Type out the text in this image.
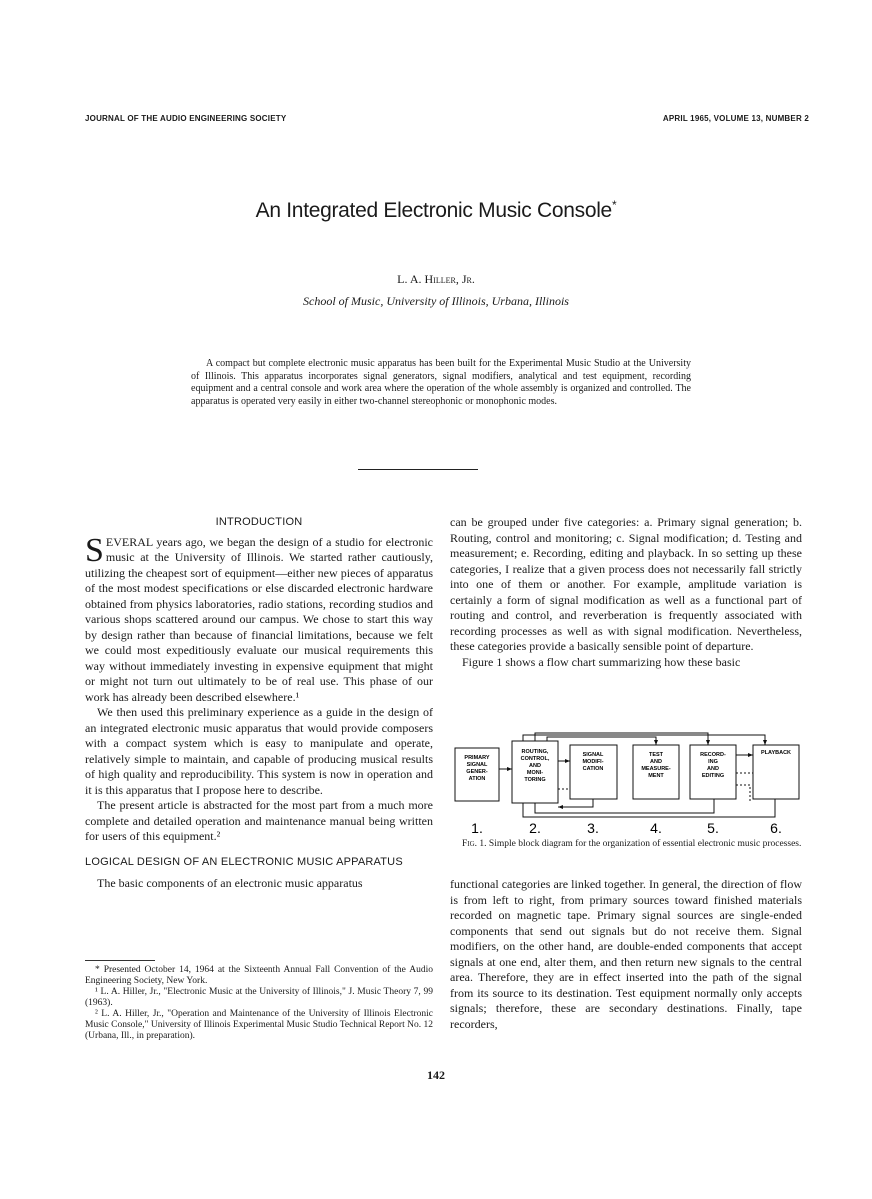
JOURNAL OF THE AUDIO ENGINEERING SOCIETY	APRIL 1965, VOLUME 13, NUMBER 2
An Integrated Electronic Music Console*
L. A. Hiller, Jr.
School of Music, University of Illinois, Urbana, Illinois
A compact but complete electronic music apparatus has been built for the Experimental Music Studio at the University of Illinois. This apparatus incorporates signal generators, signal modifiers, analytical and test equipment, recording equipment and a central console and work area where the operation of the whole assembly is organized and controlled. The apparatus is operated very easily in either two-channel stereophonic or monophonic modes.
INTRODUCTION

SEVERAL years ago, we began the design of a studio for electronic music at the University of Illinois. We started rather cautiously, utilizing the cheapest sort of equipment—either new pieces of apparatus of the most modest specifications or else discarded electronic hardware obtained from physics laboratories, radio stations, recording studios and various shops scattered around our campus. We chose to start this way by design rather than because of financial limitations, because we felt we could most expeditiously evaluate our musical requirements this way without immediately investing in expensive equipment that might or might not turn out ultimately to be of real use. This phase of our work has already been described elsewhere.¹

We then used this preliminary experience as a guide in the design of an integrated electronic music apparatus that would provide composers with a compact system which is easy to manipulate and operate, relatively simple to maintain, and capable of producing musical results of high quality and reproducibility. This system is now in operation and it is this apparatus that I propose here to describe.

The present article is abstracted for the most part from a much more complete and detailed operation and maintenance manual being written for users of this equipment.²

LOGICAL DESIGN OF AN ELECTRONIC MUSIC APPARATUS

The basic components of an electronic music apparatus

* Presented October 14, 1964 at the Sixteenth Annual Fall Convention of the Audio Engineering Society, New York.

¹ L. A. Hiller, Jr., "Electronic Music at the University of Illinois," J. Music Theory 7, 99 (1963).

² L. A. Hiller, Jr., "Operation and Maintenance of the University of Illinois Electronic Music Console," University of Illinois Experimental Music Studio Technical Report No. 12 (Urbana, Ill., in preparation).

can be grouped under five categories: a. Primary signal generation; b. Routing, control and monitoring; c. Signal modification; d. Testing and measurement; e. Recording, editing and playback. In so setting up these categories, I realize that a given process does not necessarily fall strictly into one of them or another. For example, amplitude variation is certainly a form of signal modification as well as a functional part of routing and control, and reverberation is frequently associated with recording processes as well as with signal modification. Nevertheless, these categories provide a basically sensible point of departure.

Figure 1 shows a flow chart summarizing how these basic

PRIMARY
SIGNAL
GENER-
ATION
ROUTING,
CONTROL,
AND
MONI-
TORING
SIGNAL
MODIFI-
CATION
TEST
AND
MEASURE-
MENT
RECORD-
ING
AND
EDITING
PLAYBACK
1.	2.	3.	4.	5.	6.
Fig. 1. Simple block diagram for the organization of essential electronic music processes.

functional categories are linked together. In general, the direction of flow is from left to right, from primary sources toward finished materials recorded on magnetic tape. Primary signal sources are single-ended components that send out signals but do not receive them. Signal modifiers, on the other hand, are double-ended components that accept signals at one end, alter them, and then return new signals to the central area. Therefore, they are in effect inserted into the path of the signal from its source to its destination. Test equipment normally only accepts signals; therefore, these are secondary destinations. Finally, tape recorders,

142
